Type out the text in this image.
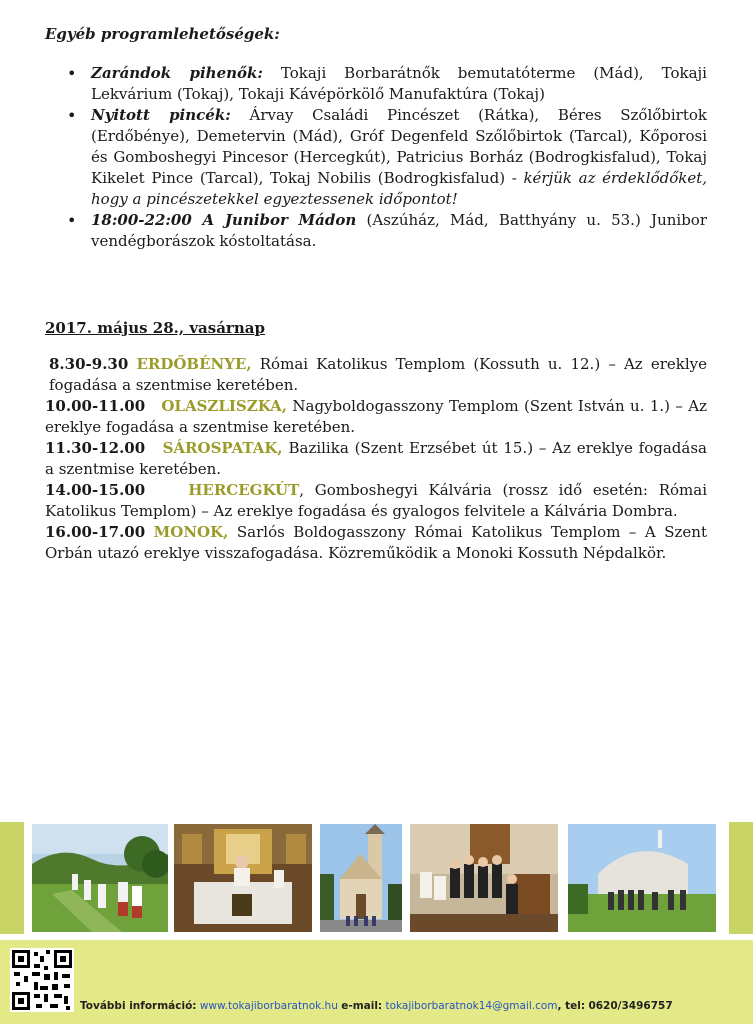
Egyéb programlehetőségek:

• Zarándok pihenők: Tokaji Borbarátnők bemutatóterme (Mád), Tokaji Lekvárium (Tokaj), Tokaji Kávépörkölő Manufaktúra (Tokaj)
• Nyitott pincék: Árvay Családi Pincészet (Rátka), Béres Szőlőbirtok (Erdőbénye), Demetervin (Mád), Gróf Degenfeld Szőlőbirtok (Tarcal), Kőporosi és Gomboshegyi Pincesor (Hercegkút), Patricius Borház (Bodrogkisfalud), Tokaj Kikelet Pince (Tarcal), Tokaj Nobilis (Bodrogkisfalud) - kérjük az érdeklődőket, hogy a pincészetekkel egyeztessenek időpontot!
• 18:00-22:00 A Junibor Mádon (Aszúház, Mád, Batthyány u. 53.) Junibor vendégborászok kóstoltatása.

2017. május 28., vasárnap

8.30-9.30 ERDŐBÉNYE, Római Katolikus Templom (Kossuth u. 12.) – Az ereklye fogadása a szentmise keretében.

10.00-11.00 OLASZLISZKA, Nagyboldogasszony Templom (Szent István u. 1.) – Az ereklye fogadása a szentmise keretében.

11.30-12.00 SÁROSPATAK, Bazilika (Szent Erzsébet út 15.) – Az ereklye fogadása a szentmise keretében.

14.00-15.00	HERCEGKÚT, Gomboshegyi Kálvária (rossz idő esetén: Római Katolikus Templom) – Az ereklye fogadása és gyalogos felvitele a Kálvária Dombra.

16.00-17.00 MONOK, Sarlós Boldogasszony Római Katolikus Templom – A Szent Orbán utazó ereklye visszafogadása. Közreműködik a Monoki Kossuth Népdalkör.

További információ: www.tokajiborbaratnok.hu e-mail: tokajiborbaratnok14@gmail.com, tel: 0620/3496757
